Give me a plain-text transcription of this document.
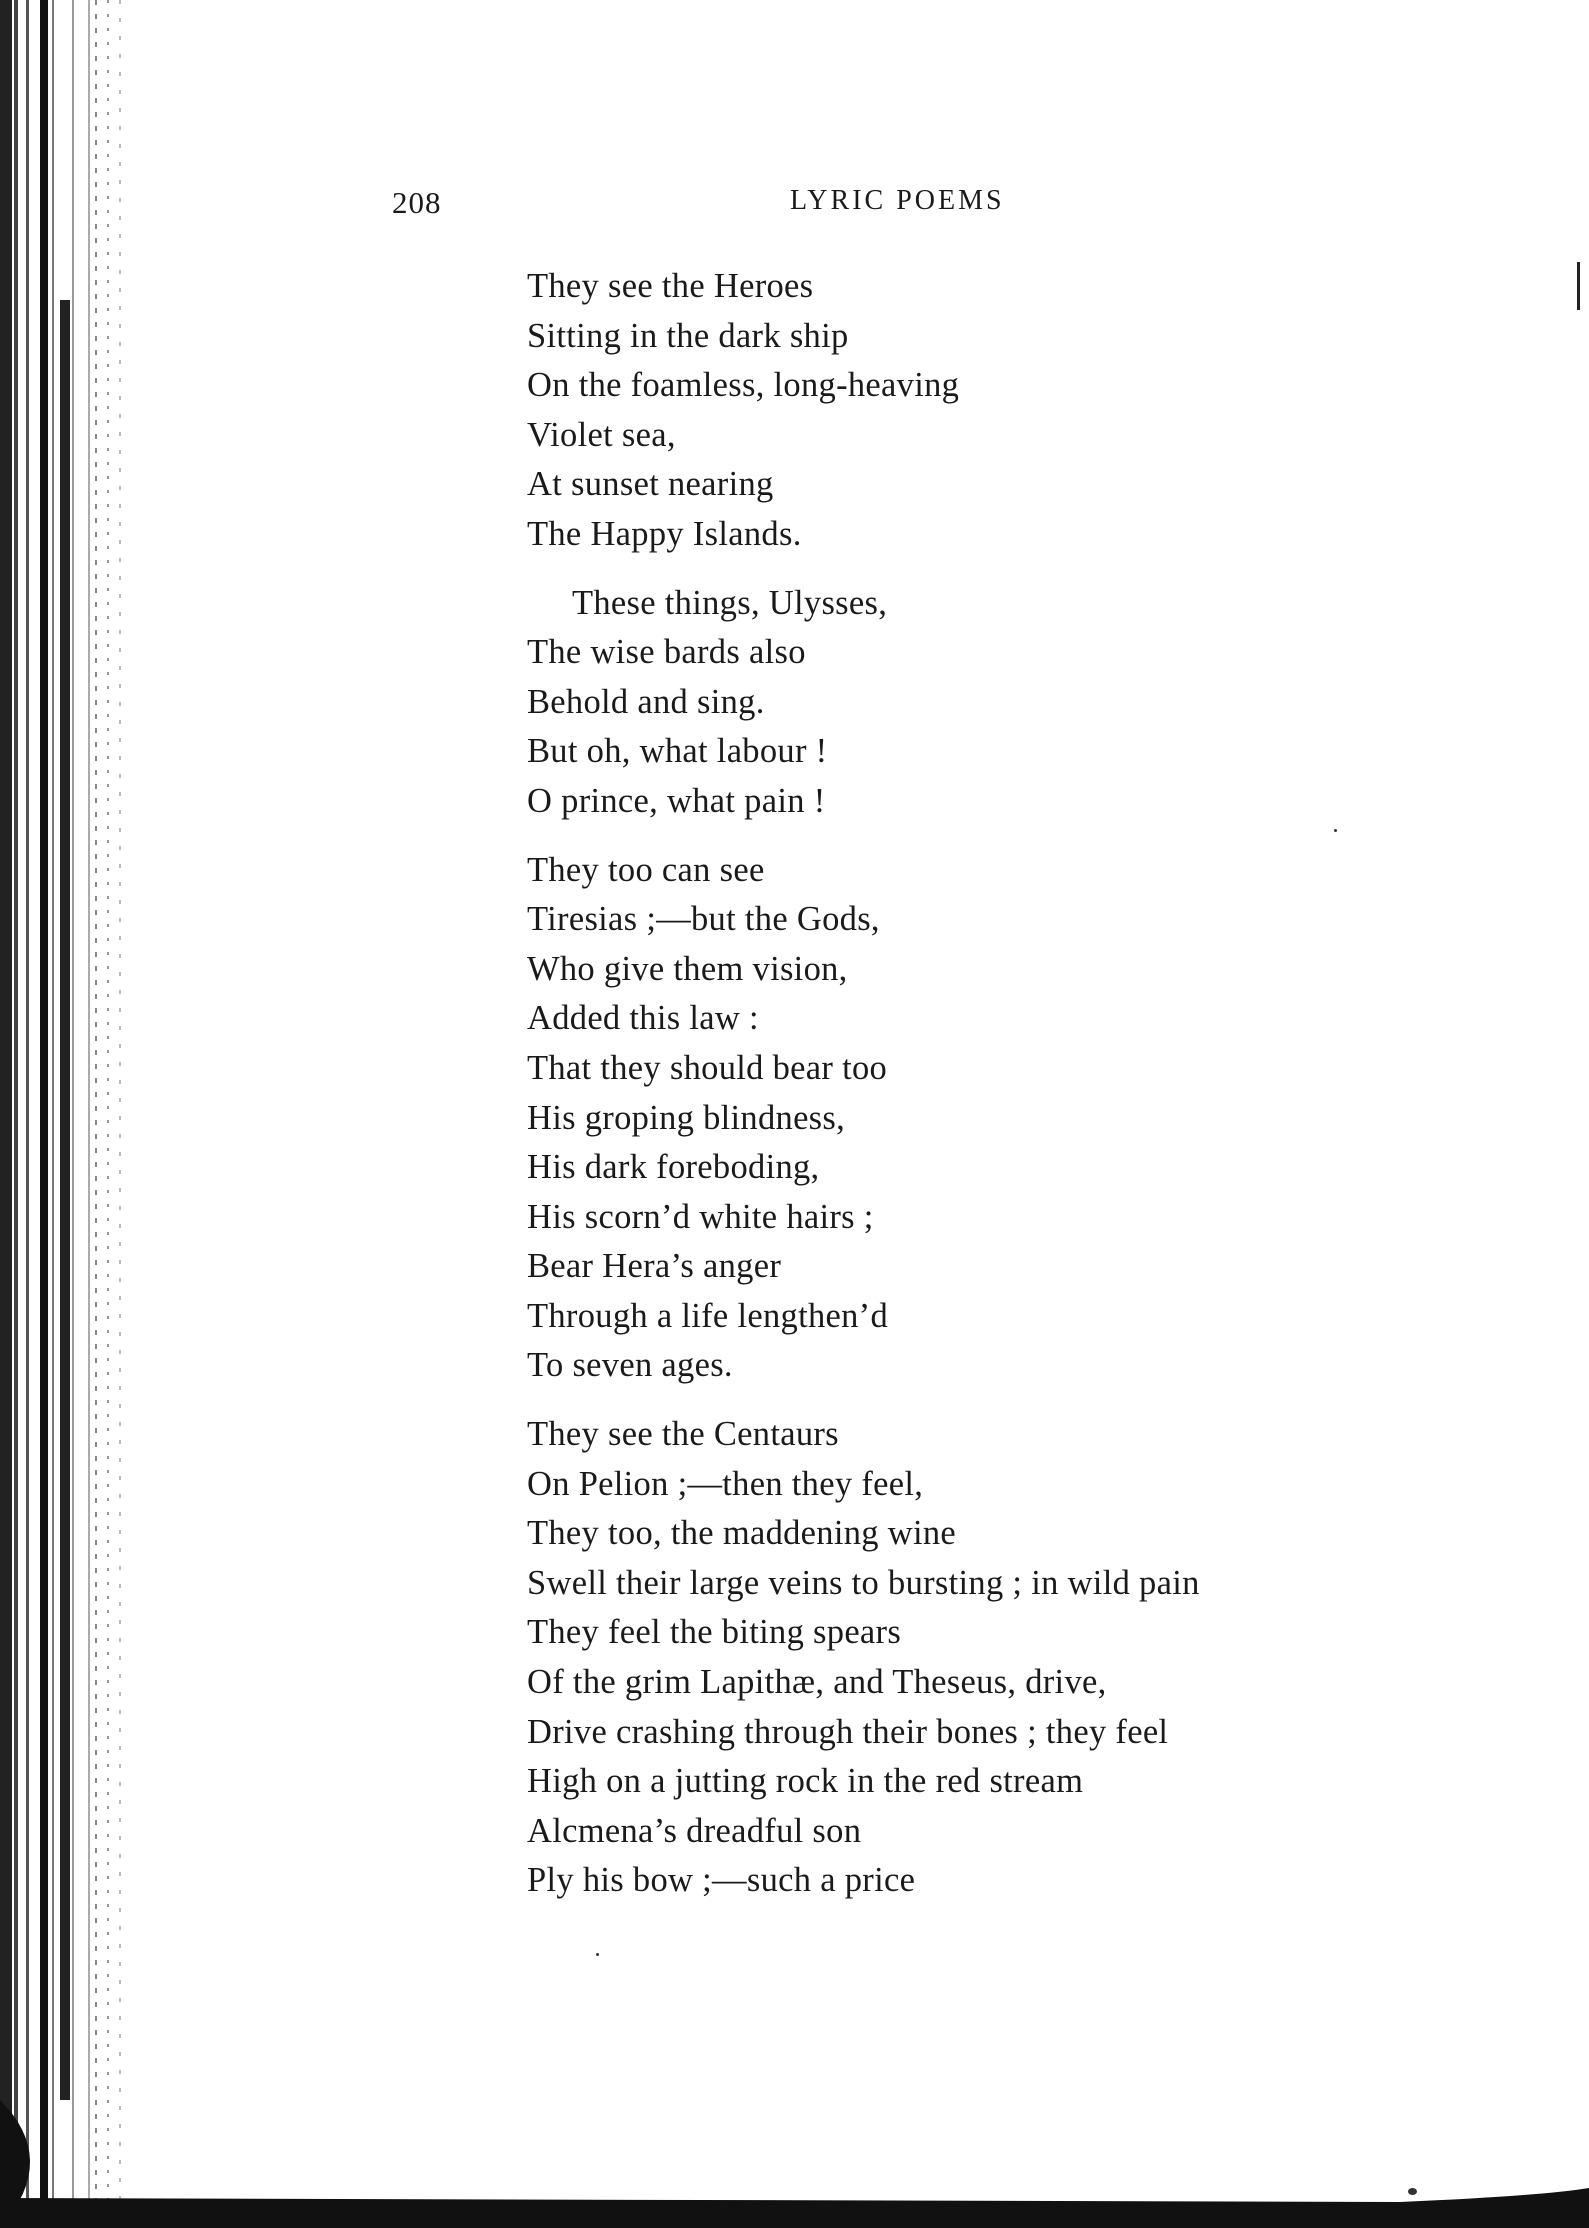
208	LYRIC POEMS
They see the Heroes
Sitting in the dark ship
On the foamless, long-heaving
Violet sea,
At sunset nearing
The Happy Islands.
These things, Ulysses,
The wise bards also
Behold and sing.
But oh, what labour !
O prince, what pain !
They too can see
Tiresias ;—but the Gods,
Who give them vision,
Added this law :
That they should bear too
His groping blindness,
His dark foreboding,
His scorn’d white hairs ;
Bear Hera’s anger
Through a life lengthen’d
To seven ages.
They see the Centaurs
On Pelion ;—then they feel,
They too, the maddening wine
Swell their large veins to bursting ; in wild pain
They feel the biting spears
Of the grim Lapithæ, and Theseus, drive,
Drive crashing through their bones ; they feel
High on a jutting rock in the red stream
Alcmena’s dreadful son
Ply his bow ;—such a price
